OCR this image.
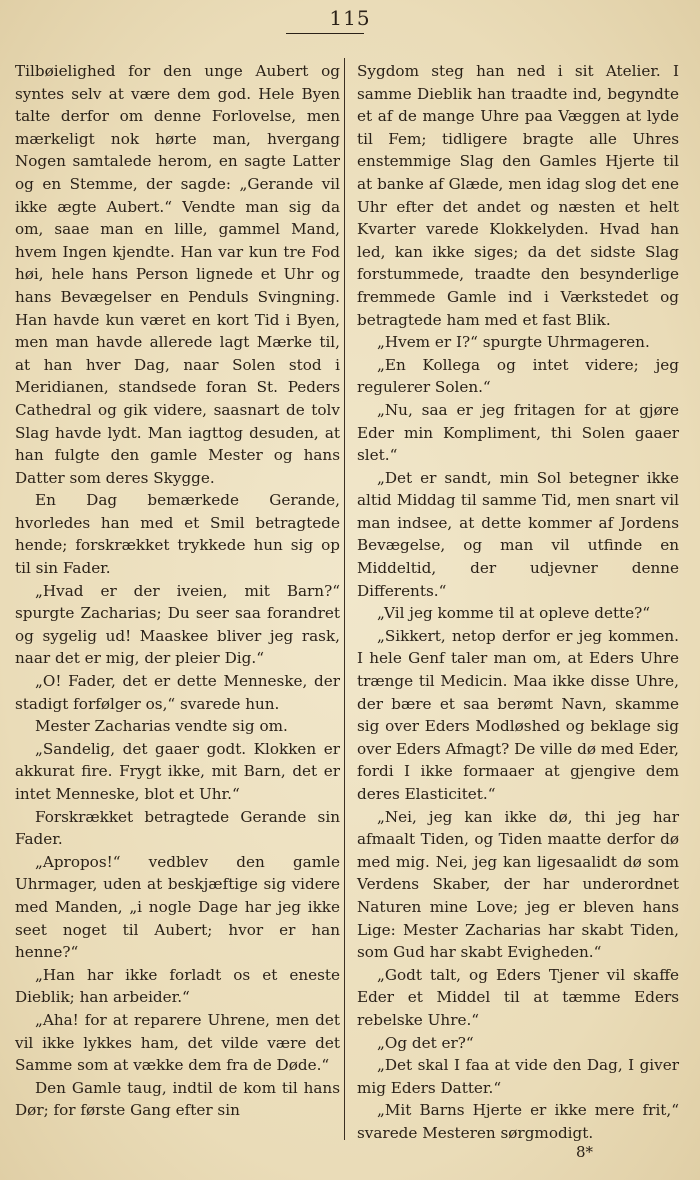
115

Tilbøielighed for den unge Aubert og syntes selv at være dem god. Hele Byen talte derfor om denne Forlovelse, men mærkeligt nok hørte man, hvergang Nogen samtalede herom, en sagte Latter og en Stemme, der sagde: „Gerande vil ikke ægte Aubert.“ Vendte man sig da om, saae man en lille, gammel Mand, hvem Ingen kjendte. Han var kun tre Fod høi, hele hans Person lignede et Uhr og hans Bevægelser en Penduls Svingning. Han havde kun været en kort Tid i Byen, men man havde allerede lagt Mærke til, at han hver Dag, naar Solen stod i Meridianen, standsede foran St. Peders Cathedral og gik videre, saasnart de tolv Slag havde lydt. Man iagttog desuden, at han fulgte den gamle Mester og hans Datter som deres Skygge.

En Dag bemærkede Gerande, hvorledes han med et Smil betragtede hende; forskrækket trykkede hun sig op til sin Fader.

„Hvad er der iveien, mit Barn?“ spurgte Zacharias; Du seer saa forandret og sygelig ud! Maaskee bliver jeg rask, naar det er mig, der pleier Dig.“

„O! Fader, det er dette Menneske, der stadigt forfølger os,“ svarede hun.

Mester Zacharias vendte sig om.

„Sandelig, det gaaer godt. Klokken er akkurat fire. Frygt ikke, mit Barn, det er intet Menneske, blot et Uhr.“

Forskrækket betragtede Gerande sin Fader.

„Apropos!“ vedblev den gamle Uhrmager, uden at beskjæftige sig videre med Manden, „i nogle Dage har jeg ikke seet noget til Aubert; hvor er han henne?“

„Han har ikke forladt os et eneste Dieblik; han arbeider.“

„Aha! for at reparere Uhrene, men det vil ikke lykkes ham, det vilde være det Samme som at vække dem fra de Døde.“

Den Gamle taug, indtil de kom til hans Dør; for første Gang efter sin

Sygdom steg han ned i sit Atelier. I samme Dieblik han traadte ind, begyndte et af de mange Uhre paa Væggen at lyde til Fem; tidligere bragte alle Uhres enstemmige Slag den Gamles Hjerte til at banke af Glæde, men idag slog det ene Uhr efter det andet og næsten et helt Kvarter varede Klokkelyden. Hvad han led, kan ikke siges; da det sidste Slag forstummede, traadte den besynderlige fremmede Gamle ind i Værkstedet og betragtede ham med et fast Blik.

„Hvem er I?“ spurgte Uhrmageren.

„En Kollega og intet videre; jeg regulerer Solen.“

„Nu, saa er jeg fritagen for at gjøre Eder min Kompliment, thi Solen gaaer slet.“

„Det er sandt, min Sol betegner ikke altid Middag til samme Tid, men snart vil man indsee, at dette kommer af Jordens Bevægelse, og man vil utfinde en Middeltid, der udjevner denne Differents.“

„Vil jeg komme til at opleve dette?“

„Sikkert, netop derfor er jeg kommen. I hele Genf taler man om, at Eders Uhre trænge til Medicin. Maa ikke disse Uhre, der bære et saa berømt Navn, skamme sig over Eders Modløshed og beklage sig over Eders Afmagt? De ville dø med Eder, fordi I ikke formaaer at gjengive dem deres Elasticitet.“

„Nei, jeg kan ikke dø, thi jeg har afmaalt Tiden, og Tiden maatte derfor dø med mig. Nei, jeg kan ligesaalidt dø som Verdens Skaber, der har underordnet Naturen mine Love; jeg er bleven hans Lige: Mester Zacharias har skabt Tiden, som Gud har skabt Evigheden.“

„Godt talt, og Eders Tjener vil skaffe Eder et Middel til at tæmme Eders rebelske Uhre.“

„Og det er?“

„Det skal I faa at vide den Dag, I giver mig Eders Datter.“

„Mit Barns Hjerte er ikke mere frit,“ svarede Mesteren sørgmodigt.

8*
